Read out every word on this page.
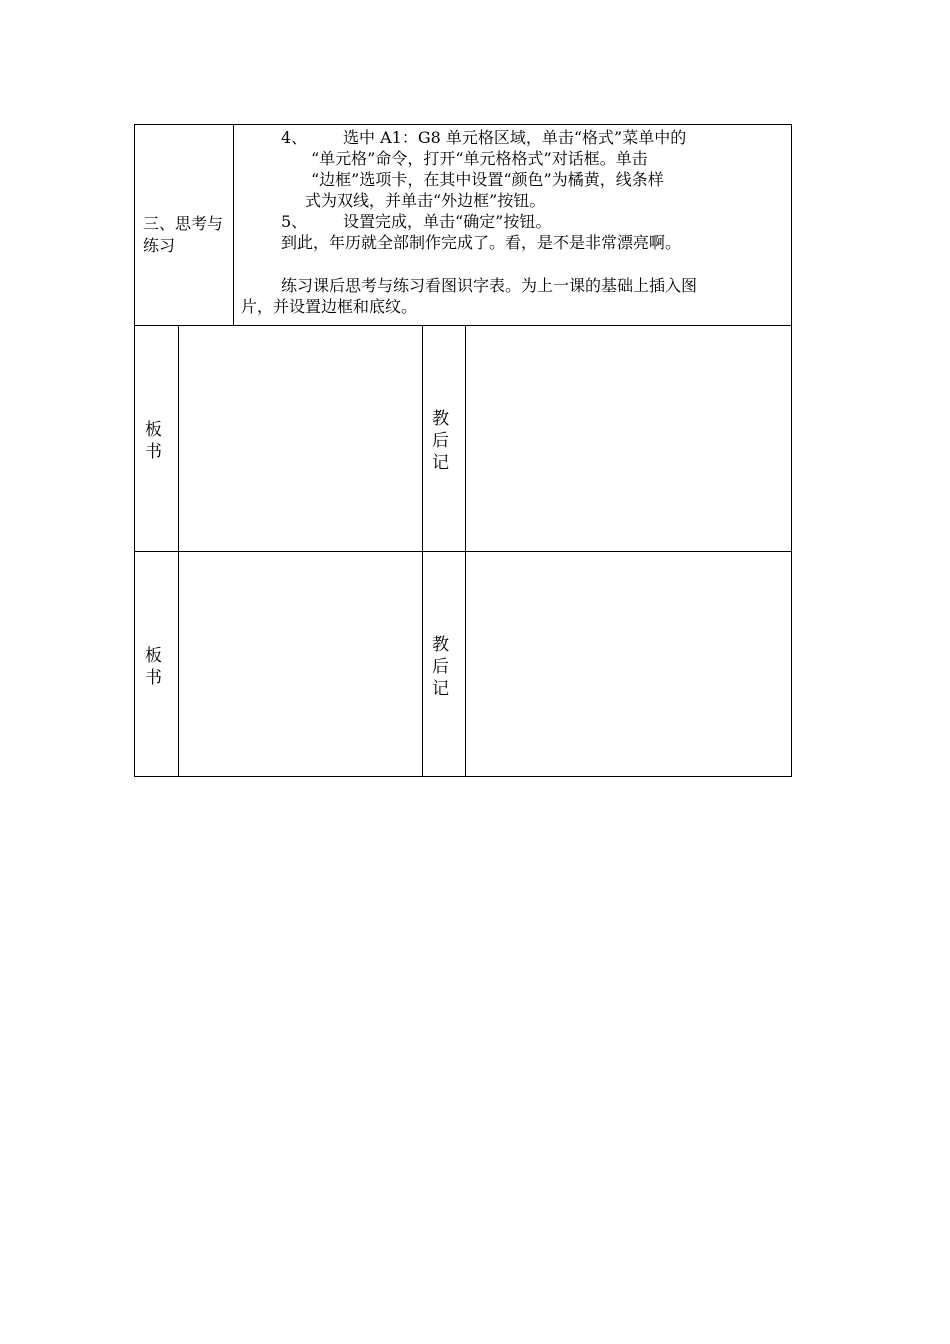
三、思考与练习

4、 选中 A1：G8 单元格区域，单击“格式”菜单中的

“单元格”命令，打开“单元格格式”对话框。单击

“边框”选项卡，在其中设置“颜色”为橘黄，线条样

式为双线，并单击“外边框”按钮。

5、 设置完成，单击“确定”按钮。

到此，年历就全部制作完成了。看，是不是非常漂亮啊。

练习课后思考与练习看图识字表。为上一课的基础上插入图

片，并设置边框和底纹。

板
书
教
后
记
板
书
教
后
记
